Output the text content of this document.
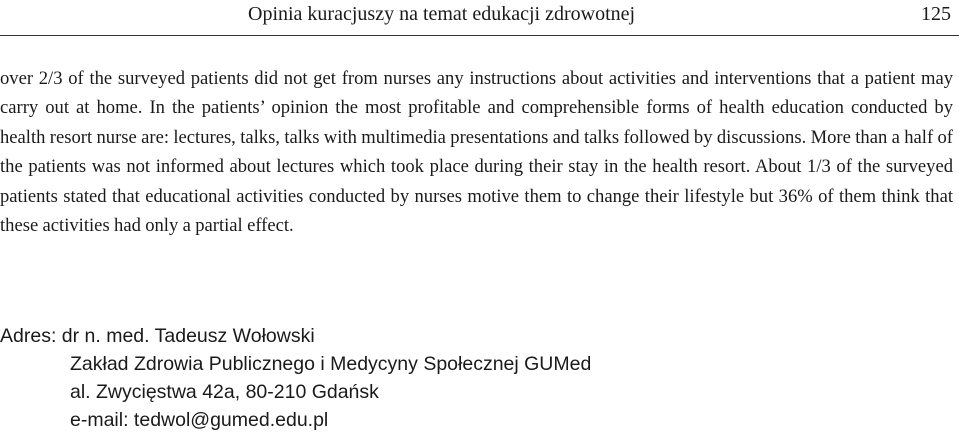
Opinia kuracjuszy na temat edukacji zdrowotnej	125

over 2/3 of the surveyed patients did not get from nurses any instructions about activities and interventions that a patient may carry out at home. In the patients’ opinion the most profitable and comprehensible forms of health education conducted by health resort nurse are: lectures, talks, talks with multimedia presentations and talks followed by discussions. More than a half of the patients was not informed about lectures which took place during their stay in the health resort. About 1/3 of the surveyed patients stated that educational activities conducted by nurses motive them to change their lifestyle but 36% of them think that these activities had only a partial effect.

Adres: dr n. med. Tadeusz Wołowski
Zakład Zdrowia Publicznego i Medycyny Społecznej GUMed
al. Zwycięstwa 42a, 80-210 Gdańsk
e-mail: tedwol@gumed.edu.pl
